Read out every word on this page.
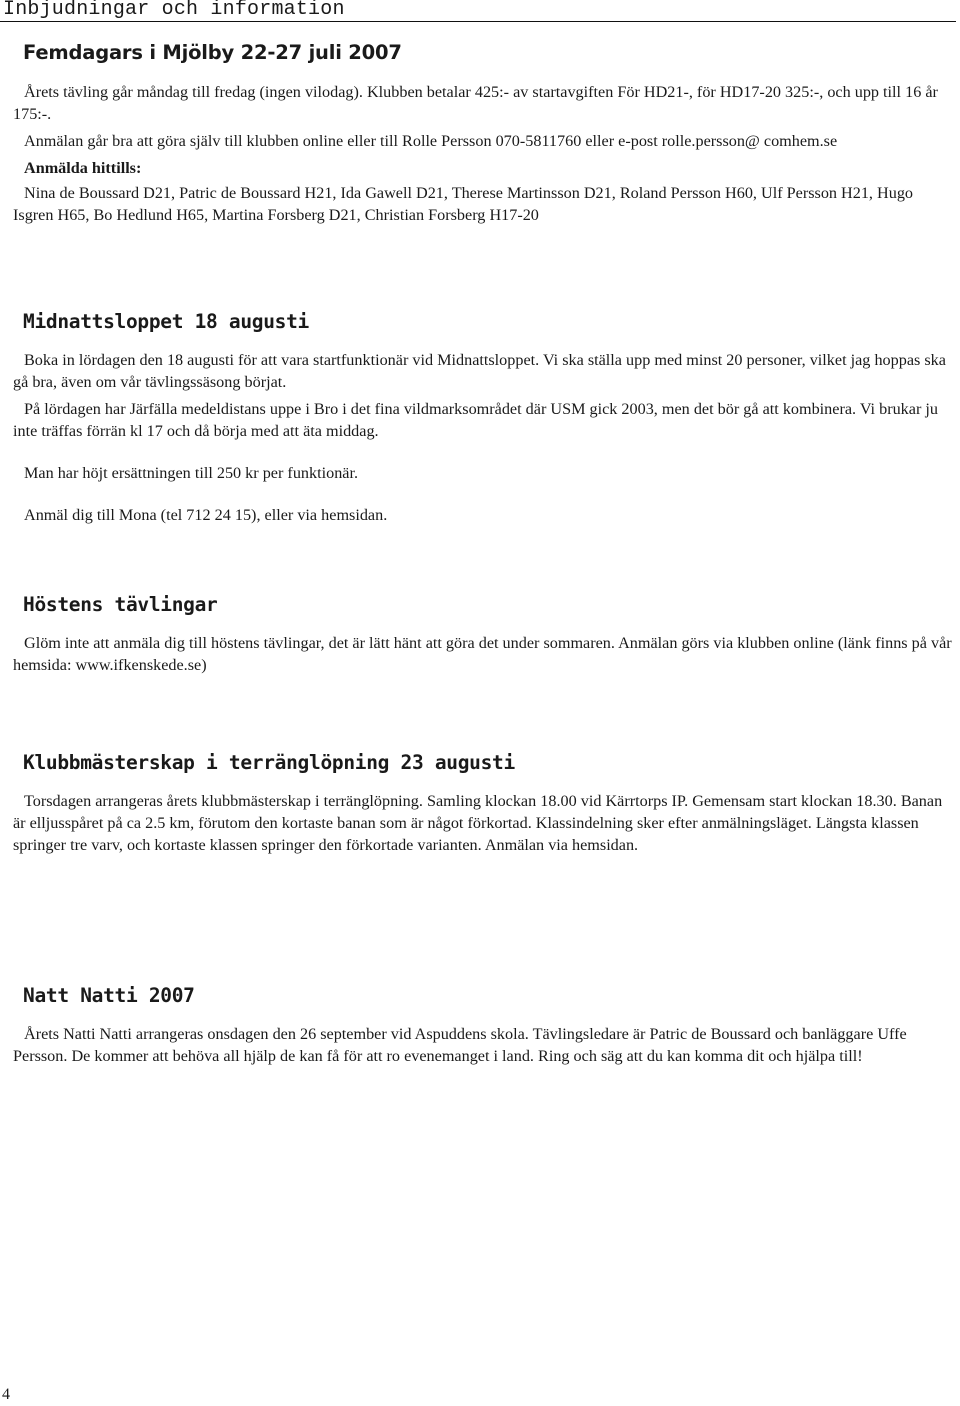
Inbjudningar och information
Femdagars i Mjölby 22-27 juli 2007

Årets tävling går måndag till fredag (ingen vilodag). Klubben betalar 425:- av startavgiften För HD21-, för HD17-20 325:-, och upp till 16 år 175:-.

Anmälan går bra att göra själv till klubben online eller till Rolle Persson 070-5811760 eller e-post rolle.persson@ comhem.se

Anmälda hittills:

Nina de Boussard D21, Patric de Boussard H21, Ida Gawell D21, Therese Martinsson D21, Roland Persson H60, Ulf Persson H21, Hugo Isgren H65, Bo Hedlund H65, Martina Forsberg D21, Christian Forsberg H17-20

Midnattsloppet 18 augusti

Boka in lördagen den 18 augusti för att vara startfunktionär vid Midnattsloppet. Vi ska ställa upp med minst 20 personer, vilket jag hoppas ska gå bra, även om vår tävlingssäsong börjat.

På lördagen har Järfälla medeldistans uppe i Bro i det fina vildmarksområdet där USM gick 2003, men det bör gå att kombinera. Vi brukar ju inte träffas förrän kl 17 och då börja med att äta middag.

Man har höjt ersättningen till 250 kr per funktionär.

Anmäl dig till Mona (tel 712 24 15), eller via hemsidan.

Höstens tävlingar

Glöm inte att anmäla dig till höstens tävlingar, det är lätt hänt att göra det under sommaren. Anmälan görs via klubben online (länk finns på vår hemsida: www.ifkenskede.se)

Klubbmästerskap i terränglöpning 23 augusti

Torsdagen arrangeras årets klubbmästerskap i terränglöpning. Samling klockan 18.00 vid Kärrtorps IP. Gemensam start klockan 18.30. Banan är elljusspåret på ca 2.5 km, förutom den kortaste banan som är något förkortad. Klassindelning sker efter anmälningsläget. Längsta klassen springer tre varv, och kortaste klassen springer den förkortade varianten. Anmälan via hemsidan.

Natt Natti 2007

Årets Natti Natti arrangeras onsdagen den 26 september vid Aspuddens skola. Tävlingsledare är Patric de Boussard och banläggare Uffe Persson. De kommer att behöva all hjälp de kan få för att ro evenemanget i land. Ring och säg att du kan komma dit och hjälpa till!

4
